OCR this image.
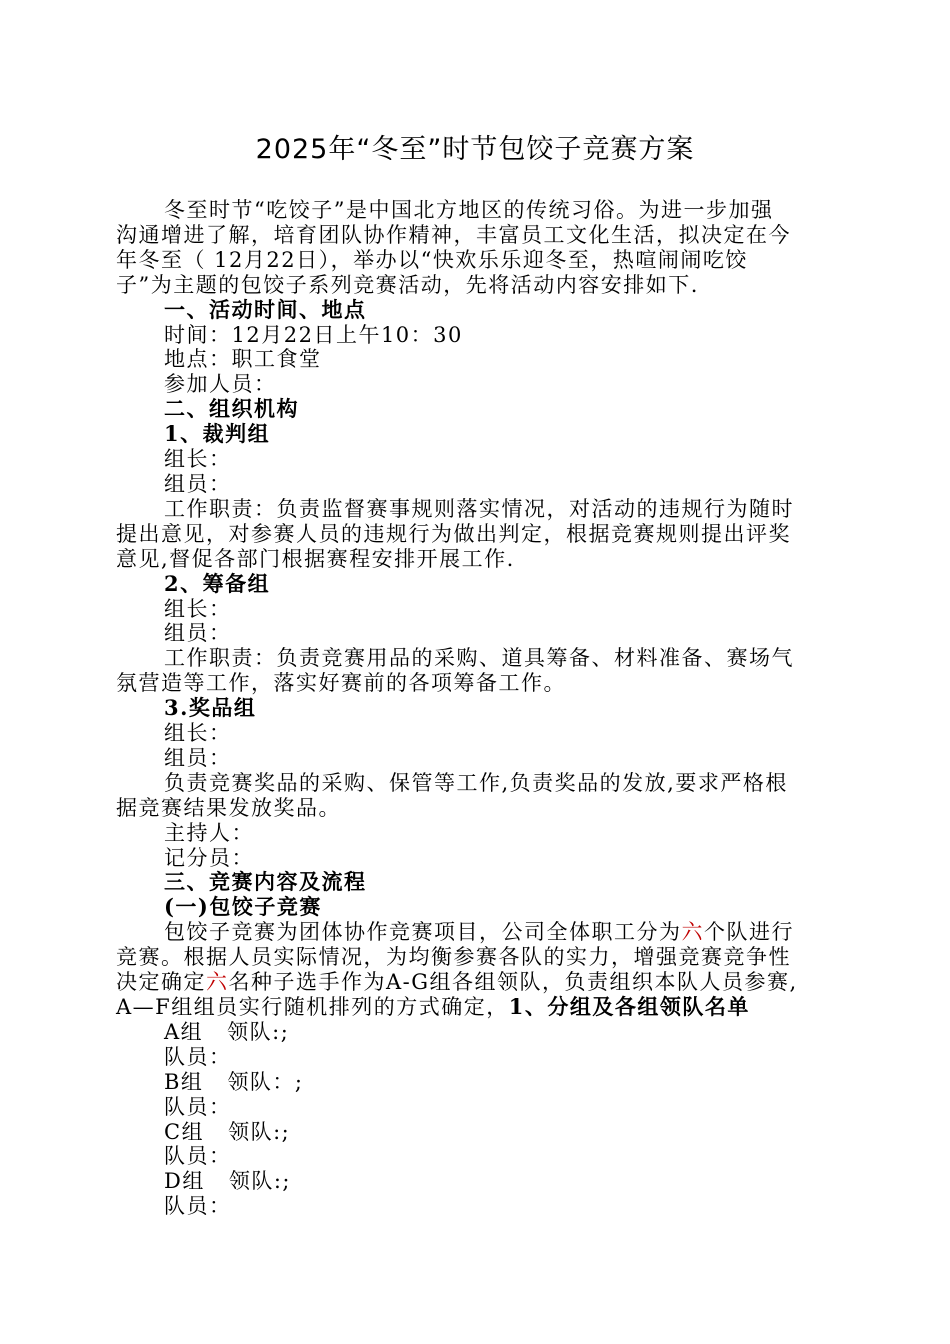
2025年“冬至”时节包饺子竞赛方案

冬至时节“吃饺子”是中国北方地区的传统习俗。为进一步加强

沟通增进了解，培育团队协作精神，丰富员工文化生活，拟决定在今

年冬至（ 12月22日），举办以“快欢乐乐迎冬至，热喧闹闹吃饺

子”为主题的包饺子系列竞赛活动，先将活动内容安排如下.

一、活动时间、地点

时间：12月22日上午10：30

地点：职工食堂

参加人员：

二、组织机构

1、裁判组

组长：

组员：

工作职责：负责监督赛事规则落实情况，对活动的违规行为随时

提出意见，对参赛人员的违规行为做出判定，根据竞赛规则提出评奖

意见,督促各部门根据赛程安排开展工作.

2、筹备组

组长：

组员：

工作职责：负责竞赛用品的采购、道具筹备、材料准备、赛场气

氛营造等工作，落实好赛前的各项筹备工作。

3.奖品组

组长：

组员：

负责竞赛奖品的采购、保管等工作,负责奖品的发放,要求严格根

据竞赛结果发放奖品。

主持人：

记分员：

三、竞赛内容及流程

(一)包饺子竞赛

包饺子竞赛为团体协作竞赛项目，公司全体职工分为六个队进行

竞赛。根据人员实际情况，为均衡参赛各队的实力，增强竞赛竞争性

决定确定六名种子选手作为A-G组各组领队，负责组织本队人员参赛,

A—F组组员实行随机排列的方式确定，1、分组及各组领队名单

A组 领队:;

队员：

B组 领队：;

队员：

C组 领队:;

队员：

D组 领队:;

队员：
